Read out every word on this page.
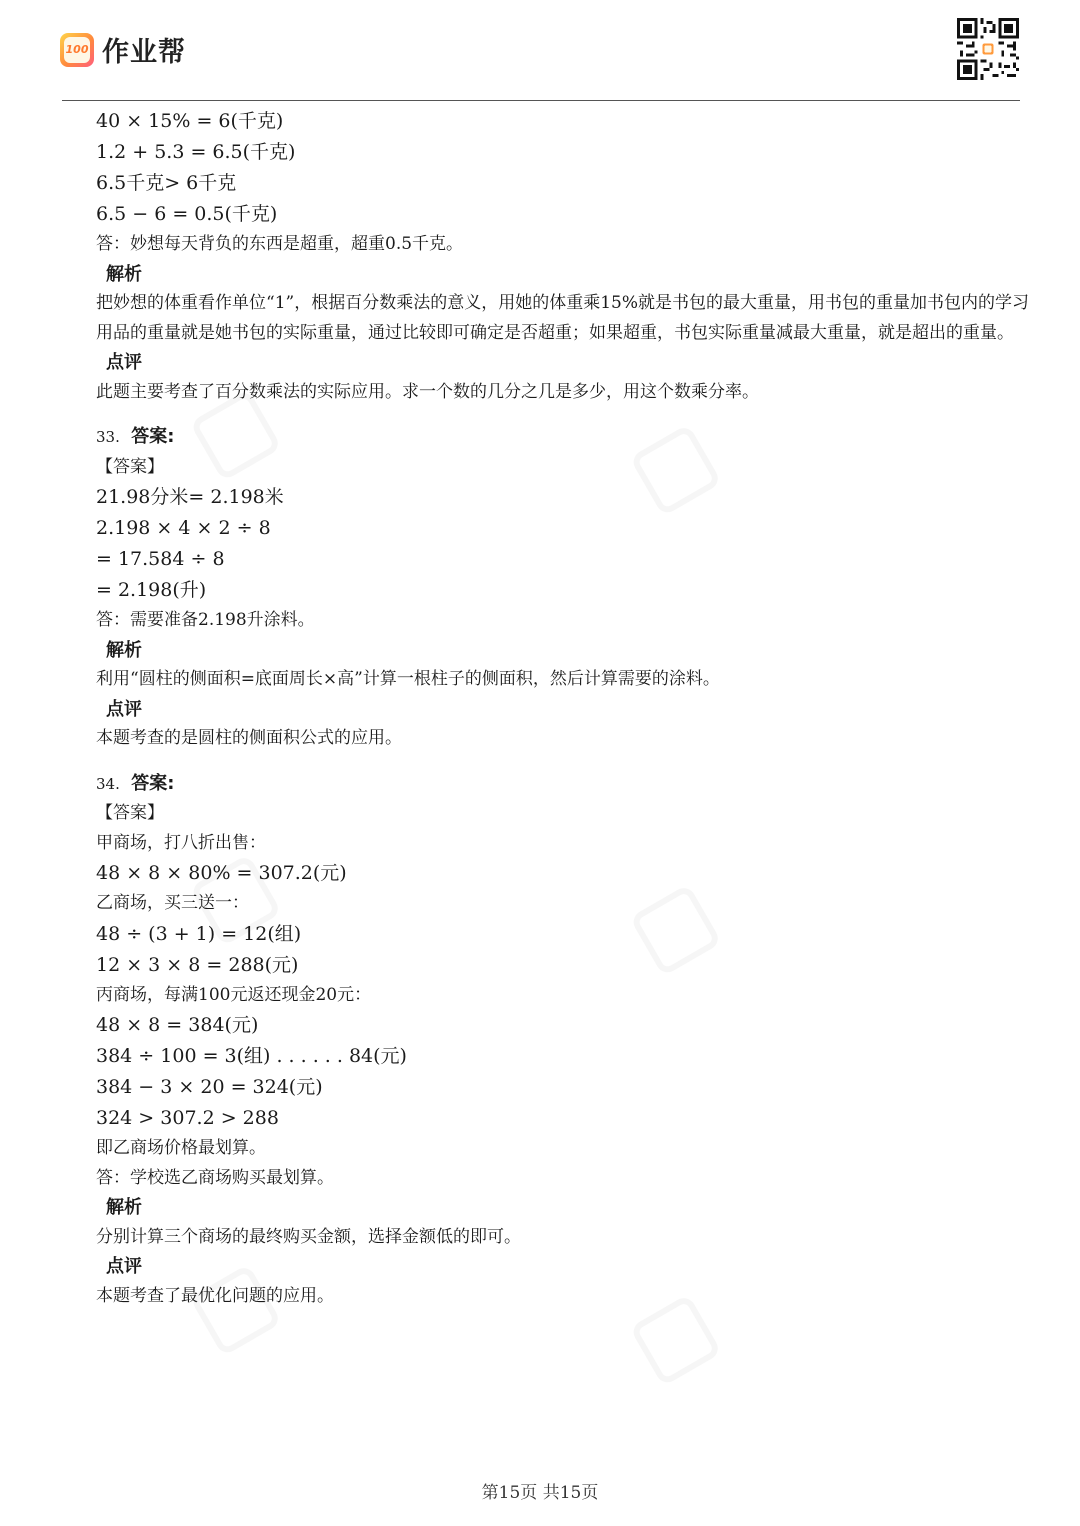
100 作业帮
40 × 15% = 6(千克)
1.2 + 5.3 = 6.5(千克)
6.5千克> 6千克
6.5 − 6 = 0.5(千克)
答：妙想每天背负的东西是超重，超重0.5千克。
解析
把妙想的体重看作单位“1”，根据百分数乘法的意义，用她的体重乘15%就是书包的最大重量，用书包的重量加书包内的学习用品的重量就是她书包的实际重量，通过比较即可确定是否超重；如果超重，书包实际重量减最大重量，就是超出的重量。
点评
此题主要考查了百分数乘法的实际应用。求一个数的几分之几是多少，用这个数乘分率。
33. 答案:
【答案】
21.98分米= 2.198米
2.198 × 4 × 2 ÷ 8
= 17.584 ÷ 8
= 2.198(升)
答：需要准备2.198升涂料。
解析
利用“圆柱的侧面积=底面周长×高”计算一根柱子的侧面积，然后计算需要的涂料。
点评
本题考查的是圆柱的侧面积公式的应用。
34. 答案:
【答案】
甲商场，打八折出售：
48 × 8 × 80% = 307.2(元)
乙商场，买三送一：
48 ÷ (3 + 1) = 12(组)
12 × 3 × 8 = 288(元)
丙商场，每满100元返还现金20元：
48 × 8 = 384(元)
384 ÷ 100 = 3(组) . . . . . . 84(元)
384 − 3 × 20 = 324(元)
324 > 307.2 > 288
即乙商场价格最划算。
答：学校选乙商场购买最划算。
解析
分别计算三个商场的最终购买金额，选择金额低的即可。
点评
本题考查了最优化问题的应用。
第15页 共15页
